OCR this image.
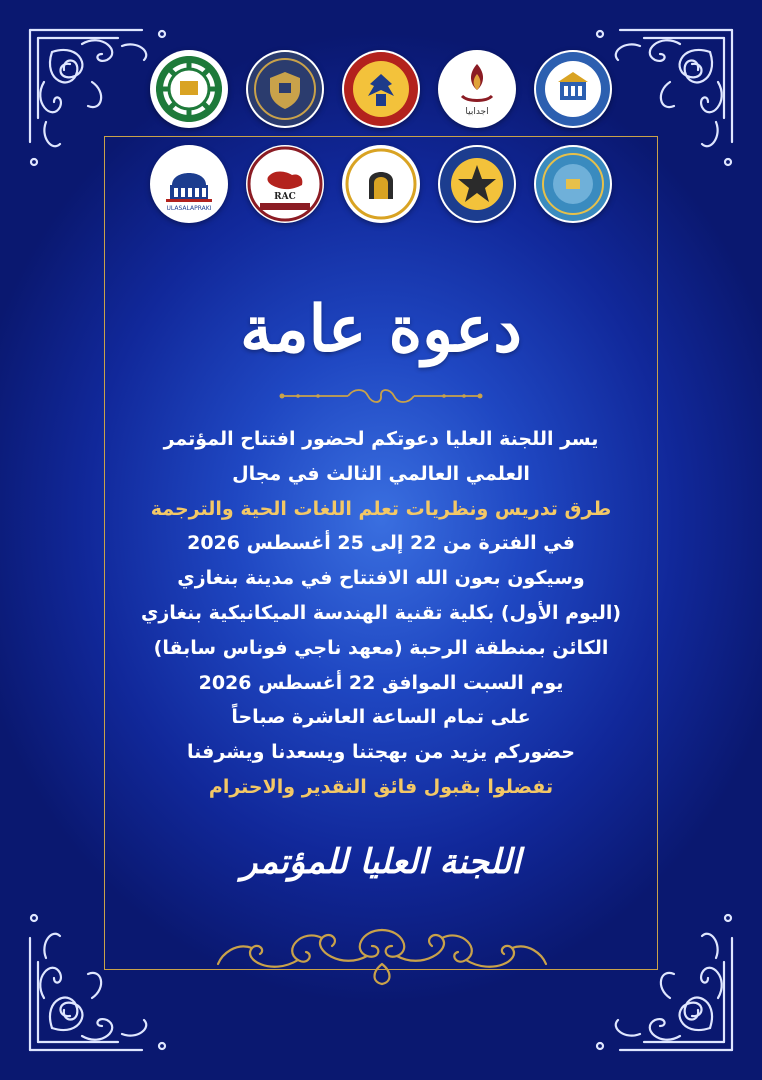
اجدابيا
ULASALAPRAKI
RAC
دعوة عامة
يسر اللجنة العليا دعوتكم لحضور افتتاح المؤتمر
العلمي العالمي الثالث في مجال
طرق تدريس ونظريات تعلم اللغات الحية والترجمة
في الفترة من 22 إلى 25 أغسطس 2026
وسيكون بعون الله الافتتاح في مدينة بنغازي
(اليوم الأول) بكلية تقنية الهندسة الميكانيكية بنغازي
الكائن بمنطقة الرحبة (معهد ناجي فوناس سابقا)
يوم السبت الموافق 22 أغسطس 2026
على تمام الساعة العاشرة صباحاً
حضوركم يزيد من بهجتنا ويسعدنا ويشرفنا
تفضلوا بقبول فائق التقدير والاحترام
اللجنة العليا للمؤتمر
